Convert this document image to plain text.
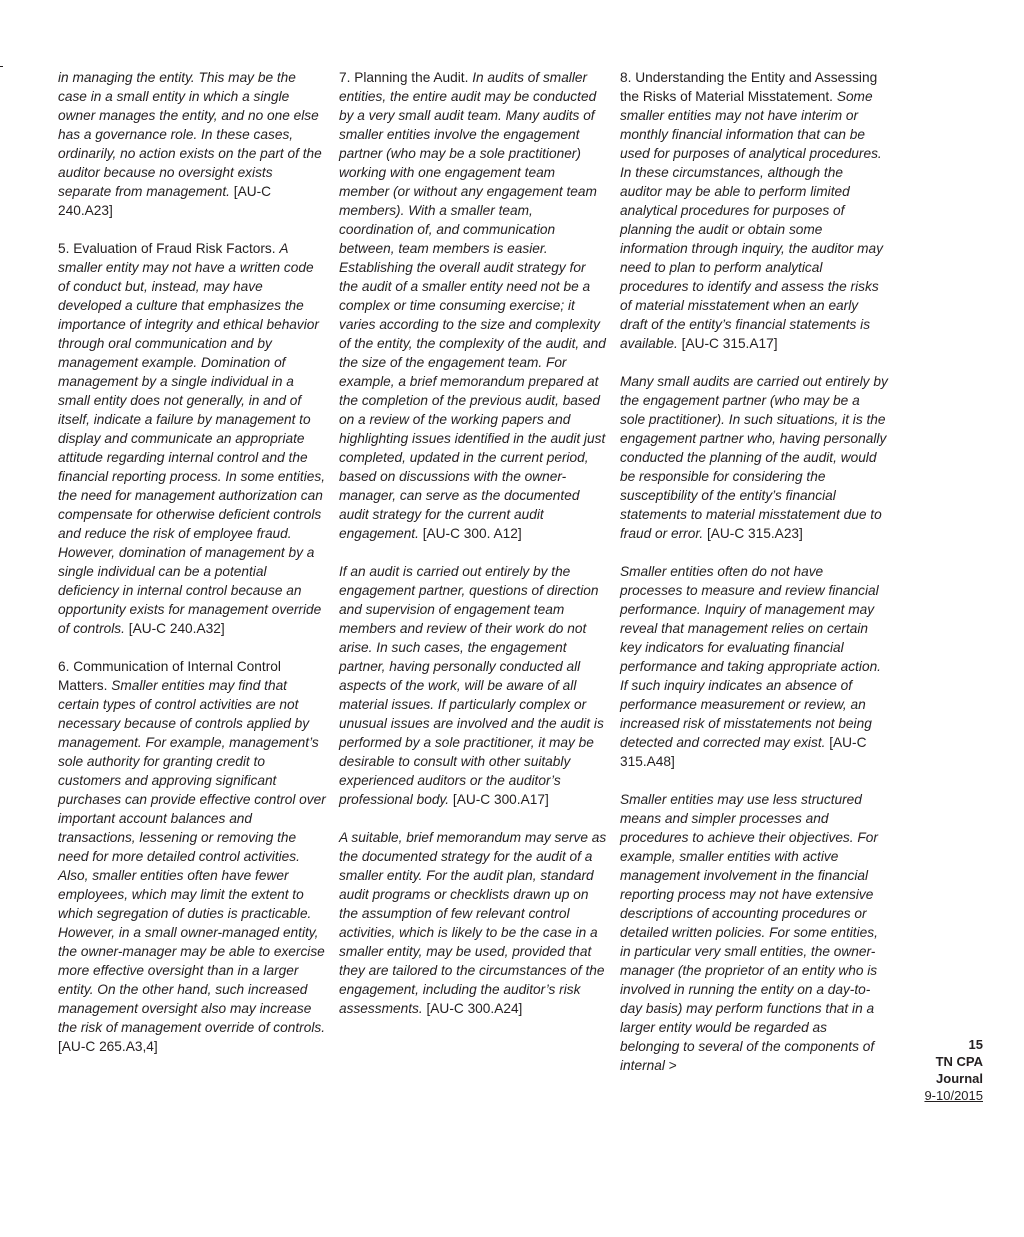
in managing the entity. This may be the case in a small entity in which a single owner manages the entity, and no one else has a governance role. In these cases, ordinarily, no action exists on the part of the auditor because no oversight exists separate from management. [AU-C 240.A23]

5. Evaluation of Fraud Risk Factors. A smaller entity may not have a written code of conduct but, instead, may have developed a culture that emphasizes the importance of integrity and ethical behavior through oral communication and by management example. Domination of management by a single individual in a small entity does not generally, in and of itself, indicate a failure by management to display and communicate an appropriate attitude regarding internal control and the financial reporting process. In some entities, the need for management authorization can compensate for otherwise deficient controls and reduce the risk of employee fraud. However, domination of management by a single individual can be a potential deficiency in internal control because an opportunity exists for management override of controls. [AU-C 240.A32]

6. Communication of Internal Control Matters. Smaller entities may find that certain types of control activities are not necessary because of controls applied by management. For example, management’s sole authority for granting credit to customers and approving significant purchases can provide effective control over important account balances and transactions, lessening or removing the need for more detailed control activities. Also, smaller entities often have fewer employees, which may limit the extent to which segregation of duties is practicable. However, in a small owner-managed entity, the owner-manager may be able to exercise more effective oversight than in a larger entity. On the other hand, such increased management oversight also may increase the risk of management override of controls. [AU-C 265.A3,4]

7. Planning the Audit. In audits of smaller entities, the entire audit may be conducted by a very small audit team. Many audits of smaller entities involve the engagement partner (who may be a sole practitioner) working with one engagement team member (or without any engagement team members). With a smaller team, coordination of, and communication between, team members is easier. Establishing the overall audit strategy for the audit of a smaller entity need not be a complex or time consuming exercise; it varies according to the size and complexity of the entity, the complexity of the audit, and the size of the engagement team. For example, a brief memorandum prepared at the completion of the previous audit, based on a review of the working papers and highlighting issues identified in the audit just completed, updated in the current period, based on discussions with the owner-manager, can serve as the documented audit strategy for the current audit engagement. [AU-C 300. A12]

If an audit is carried out entirely by the engagement partner, questions of direction and supervision of engagement team members and review of their work do not arise. In such cases, the engagement partner, having personally conducted all aspects of the work, will be aware of all material issues. If particularly complex or unusual issues are involved and the audit is performed by a sole practitioner, it may be desirable to consult with other suitably experienced auditors or the auditor’s professional body. [AU-C 300.A17]

A suitable, brief memorandum may serve as the documented strategy for the audit of a smaller entity. For the audit plan, standard audit programs or checklists drawn up on the assumption of few relevant control activities, which is likely to be the case in a smaller entity, may be used, provided that they are tailored to the circumstances of the engagement, including the auditor’s risk assessments. [AU-C 300.A24]

8. Understanding the Entity and Assessing the Risks of Material Misstatement. Some smaller entities may not have interim or monthly financial information that can be used for purposes of analytical procedures. In these circumstances, although the auditor may be able to perform limited analytical procedures for purposes of planning the audit or obtain some information through inquiry, the auditor may need to plan to perform analytical procedures to identify and assess the risks of material misstatement when an early draft of the entity’s financial statements is available. [AU-C 315.A17]

Many small audits are carried out entirely by the engagement partner (who may be a sole practitioner). In such situations, it is the engagement partner who, having personally conducted the planning of the audit, would be responsible for considering the susceptibility of the entity’s financial statements to material misstatement due to fraud or error. [AU-C 315.A23]

Smaller entities often do not have processes to measure and review financial performance. Inquiry of management may reveal that management relies on certain key indicators for evaluating financial performance and taking appropriate action. If such inquiry indicates an absence of performance measurement or review, an increased risk of misstatements not being detected and corrected may exist. [AU-C 315.A48]

Smaller entities may use less structured means and simpler processes and procedures to achieve their objectives. For example, smaller entities with active management involvement in the financial reporting process may not have extensive descriptions of accounting procedures or detailed written policies. For some entities, in particular very small entities, the owner-manager (the proprietor of an entity who is involved in running the entity on a day-to-day basis) may perform functions that in a larger entity would be regarded as belonging to several of the components of internal >

15
TN CPA
Journal
9-10/2015
